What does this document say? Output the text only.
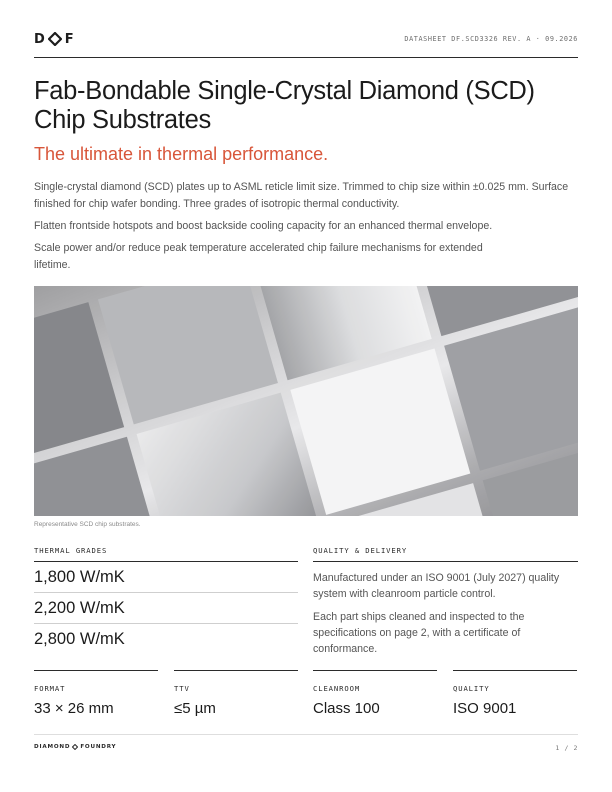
D F	DATASHEET DF.SCD3326 REV. A · 09.2026
Fab-Bondable Single-Crystal Diamond (SCD) Chip Substrates

The ultimate in thermal performance.

Single-crystal diamond (SCD) plates up to ASML reticle limit size. Trimmed to chip size within ±0.025 mm. Surface finished for chip wafer bonding. Three grades of isotropic thermal conductivity.

Flatten frontside hotspots and boost backside cooling capacity for an enhanced thermal envelope.

Scale power and/or reduce peak temperature accelerated chip failure mechanisms for extended lifetime.

Representative SCD chip substrates.
THERMAL GRADES
1,800 W/mK
2,200 W/mK
2,800 W/mK
QUALITY & DELIVERY

Manufactured under an ISO 9001 (July 2027) quality system with cleanroom particle control.

Each part ships cleaned and inspected to the specifications on page 2, with a certificate of conformance.

FORMAT
33 × 26 mm
TTV
≤5 µm
CLEANROOM
Class 100
QUALITY
ISO 9001
DIAMOND FOUNDRY	1 / 2
